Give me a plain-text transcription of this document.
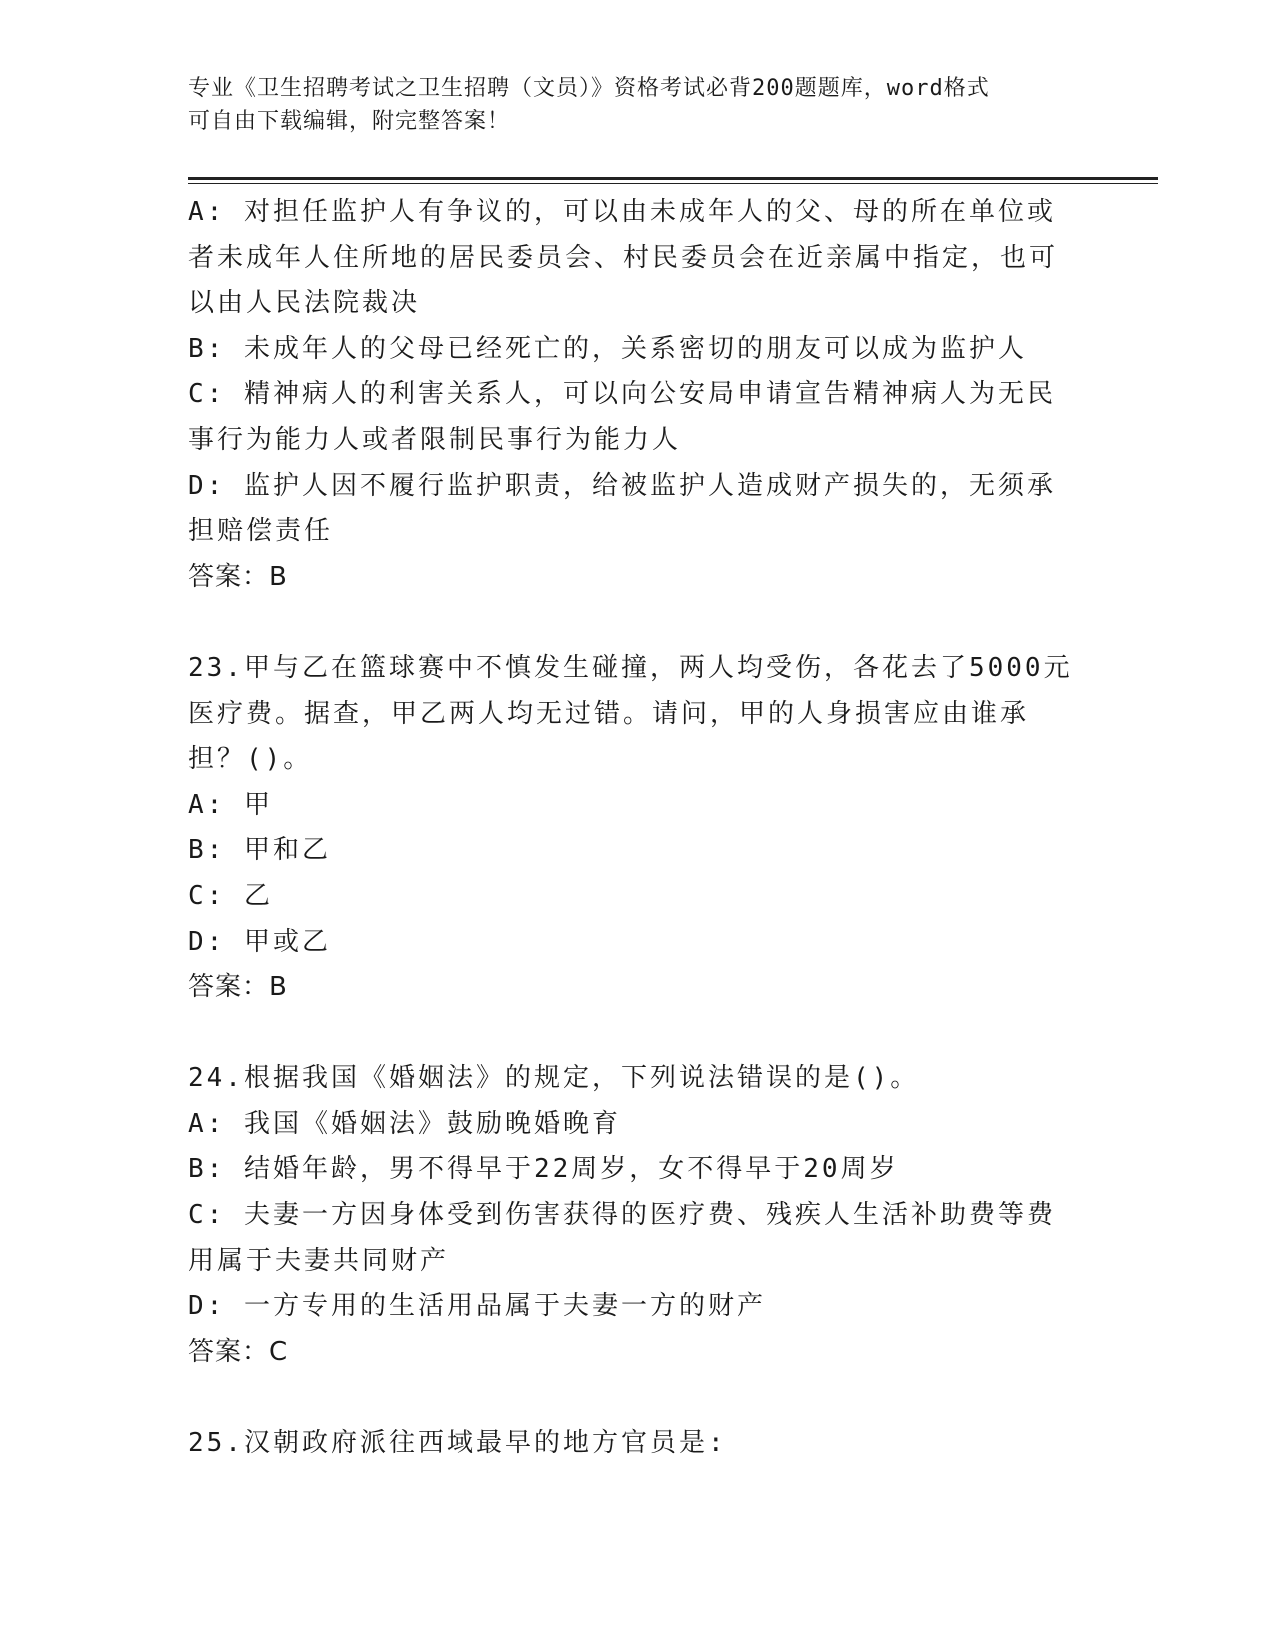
专业《卫生招聘考试之卫生招聘（文员）》资格考试必背200题题库，word格式
可自由下载编辑，附完整答案！
A: 对担任监护人有争议的，可以由未成年人的父、母的所在单位或者未成年人住所地的居民委员会、村民委员会在近亲属中指定，也可以由人民法院裁决
B: 未成年人的父母已经死亡的，关系密切的朋友可以成为监护人
C: 精神病人的利害关系人，可以向公安局申请宣告精神病人为无民事行为能力人或者限制民事行为能力人
D: 监护人因不履行监护职责，给被监护人造成财产损失的，无须承担赔偿责任
答案：B
23.甲与乙在篮球赛中不慎发生碰撞，两人均受伤，各花去了5000元医疗费。据查，甲乙两人均无过错。请问，甲的人身损害应由谁承担？()。
A: 甲
B: 甲和乙
C: 乙
D: 甲或乙
答案：B
24.根据我国《婚姻法》的规定，下列说法错误的是()。
A: 我国《婚姻法》鼓励晚婚晚育
B: 结婚年龄，男不得早于22周岁，女不得早于20周岁
C: 夫妻一方因身体受到伤害获得的医疗费、残疾人生活补助费等费用属于夫妻共同财产
D: 一方专用的生活用品属于夫妻一方的财产
答案：C
25.汉朝政府派往西域最早的地方官员是:
